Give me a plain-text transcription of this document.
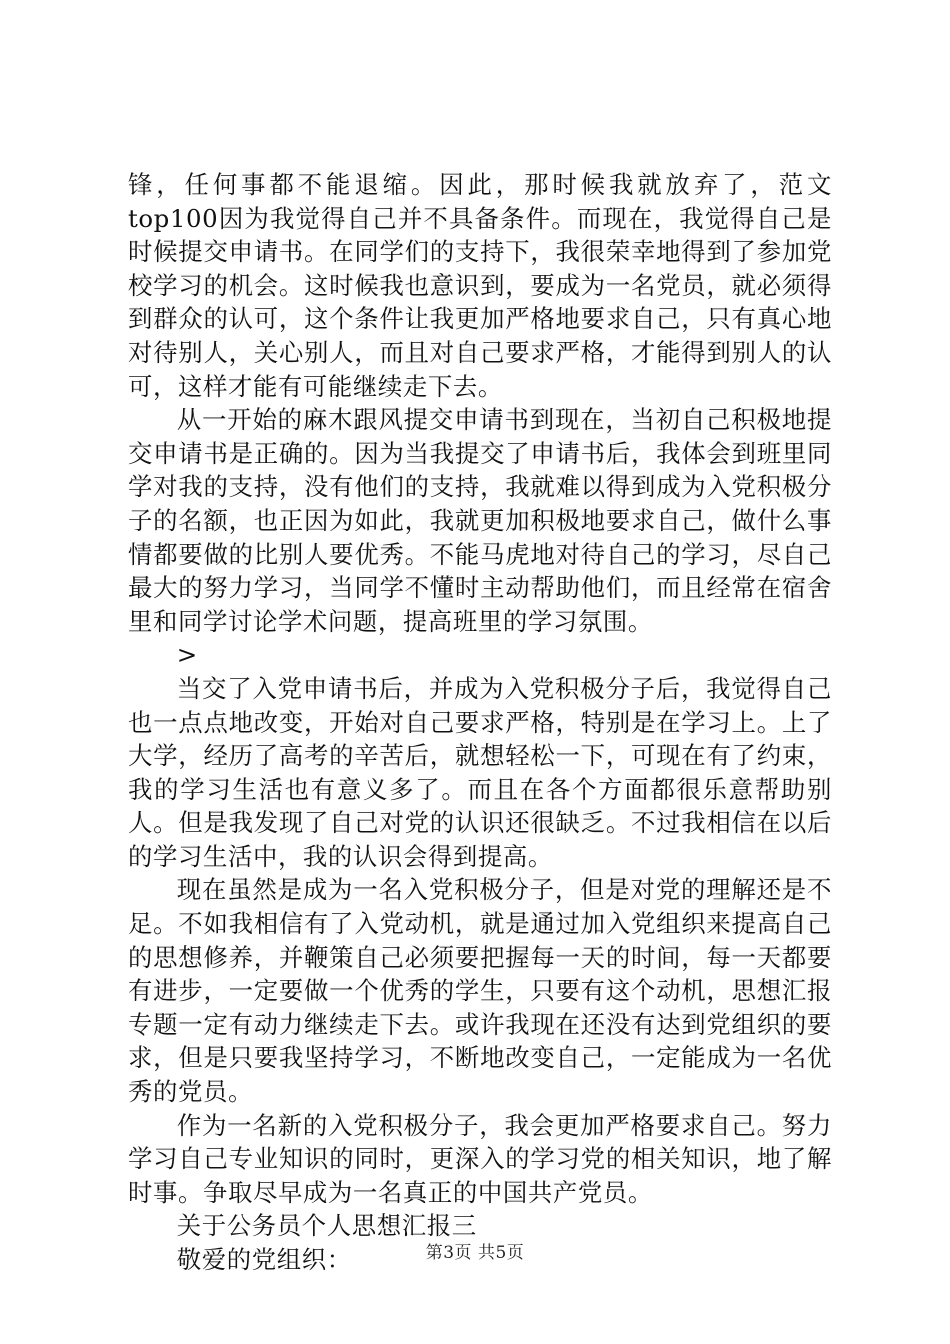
锋，任何事都不能退缩。因此，那时候我就放弃了，范文top100因为我觉得自己并不具备条件。而现在，我觉得自己是时候提交申请书。在同学们的支持下，我很荣幸地得到了参加党校学习的机会。这时候我也意识到，要成为一名党员，就必须得到群众的认可，这个条件让我更加严格地要求自己，只有真心地对待别人，关心别人，而且对自己要求严格，才能得到别人的认可，这样才能有可能继续走下去。

从一开始的麻木跟风提交申请书到现在，当初自己积极地提交申请书是正确的。因为当我提交了申请书后，我体会到班里同学对我的支持，没有他们的支持，我就难以得到成为入党积极分子的名额，也正因为如此，我就更加积极地要求自己，做什么事情都要做的比别人要优秀。不能马虎地对待自己的学习，尽自己最大的努力学习，当同学不懂时主动帮助他们，而且经常在宿舍里和同学讨论学术问题，提高班里的学习氛围。

>

当交了入党申请书后，并成为入党积极分子后，我觉得自己也一点点地改变，开始对自己要求严格，特别是在学习上。上了大学，经历了高考的辛苦后，就想轻松一下，可现在有了约束，我的学习生活也有意义多了。而且在各个方面都很乐意帮助别人。但是我发现了自己对党的认识还很缺乏。不过我相信在以后的学习生活中，我的认识会得到提高。

现在虽然是成为一名入党积极分子，但是对党的理解还是不足。不如我相信有了入党动机，就是通过加入党组织来提高自己的思想修养，并鞭策自己必须要把握每一天的时间，每一天都要有进步，一定要做一个优秀的学生，只要有这个动机，思想汇报专题一定有动力继续走下去。或许我现在还没有达到党组织的要求，但是只要我坚持学习，不断地改变自己，一定能成为一名优秀的党员。

作为一名新的入党积极分子，我会更加严格要求自己。努力学习自己专业知识的同时，更深入的学习党的相关知识，地了解时事。争取尽早成为一名真正的中国共产党员。

关于公务员个人思想汇报三

敬爱的党组织：	第3页 共5页
